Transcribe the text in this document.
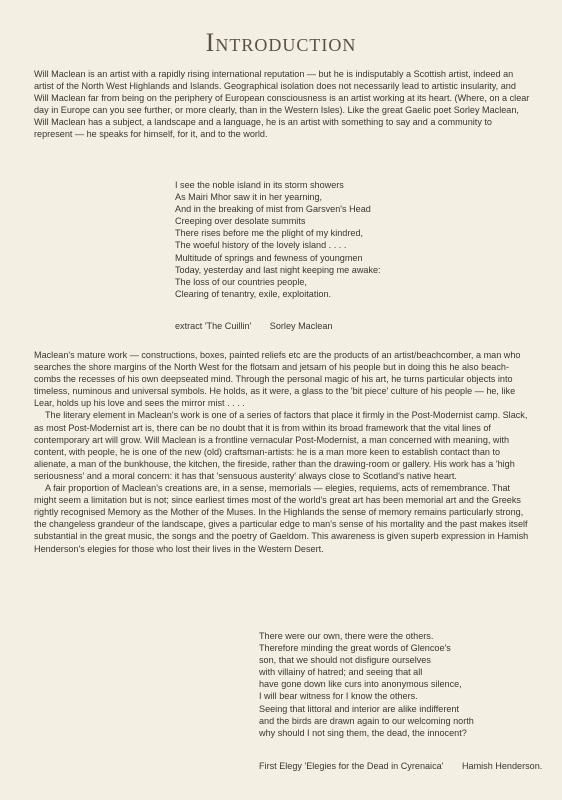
Introduction

Will Maclean is an artist with a rapidly rising international reputation — but he is indisputably a Scottish artist, indeed an artist of the North West Highlands and Islands. Geographical isolation does not necessarily lead to artistic insularity, and Will Maclean far from being on the periphery of European consciousness is an artist working at its heart. (Where, on a clear day in Europe can you see further, or more clearly, than in the Western Isles). Like the great Gaelic poet Sorley Maclean, Will Maclean has a subject, a landscape and a language, he is an artist with something to say and a community to represent — he speaks for himself, for it, and to the world.

I see the noble island in its storm showers
As Mairi Mhor saw it in her yearning,
And in the breaking of mist from Garsven's Head
Creeping over desolate summits
There rises before me the plight of my kindred,
The woeful history of the lovely island . . . .
Multitude of springs and fewness of youngmen
Today, yesterday and last night keeping me awake:
The loss of our countries people,
Clearing of tenantry, exile, exploitation.
extract 'The Cuillin' Sorley Maclean

Maclean's mature work — constructions, boxes, painted reliefs etc are the products of an artist/beachcomber, a man who searches the shore margins of the North West for the flotsam and jetsam of his people but in doing this he also beach-combs the recesses of his own deepseated mind. Through the personal magic of his art, he turns particular objects into timeless, numinous and universal symbols. He holds, as it were, a glass to the 'bit piece' culture of his people — he, like Lear, holds up his love and sees the mirror mist . . . .

The literary element in Maclean's work is one of a series of factors that place it firmly in the Post-Modernist camp. Slack, as most Post-Modernist art is, there can be no doubt that it is from within its broad framework that the vital lines of contemporary art will grow. Will Maclean is a frontline vernacular Post-Modernist, a man concerned with meaning, with content, with people, he is one of the new (old) craftsman-artists: he is a man more keen to establish contact than to alienate, a man of the bunkhouse, the kitchen, the fireside, rather than the drawing-room or gallery. His work has a 'high seriousness' and a moral concern: it has that 'sensuous austerity' always close to Scotland's native heart.

A fair proportion of Maclean's creations are, in a sense, memorials — elegies, requiems, acts of remembrance. That might seem a limitation but is not; since earliest times most of the world's great art has been memorial art and the Greeks rightly recognised Memory as the Mother of the Muses. In the Highlands the sense of memory remains particularly strong, the changeless grandeur of the landscape, gives a particular edge to man's sense of his mortality and the past makes itself substantial in the great music, the songs and the poetry of Gaeldom. This awareness is given superb expression in Hamish Henderson's elegies for those who lost their lives in the Western Desert.

There were our own, there were the others.
Therefore minding the great words of Glencoe's
son, that we should not disfigure ourselves
with villainy of hatred; and seeing that all
have gone down like curs into anonymous silence,
I will bear witness for I know the others.
Seeing that littoral and interior are alike indifferent
and the birds are drawn again to our welcoming north
why should I not sing them, the dead, the innocent?
First Elegy 'Elegies for the Dead in Cyrenaica' Hamish Henderson.
